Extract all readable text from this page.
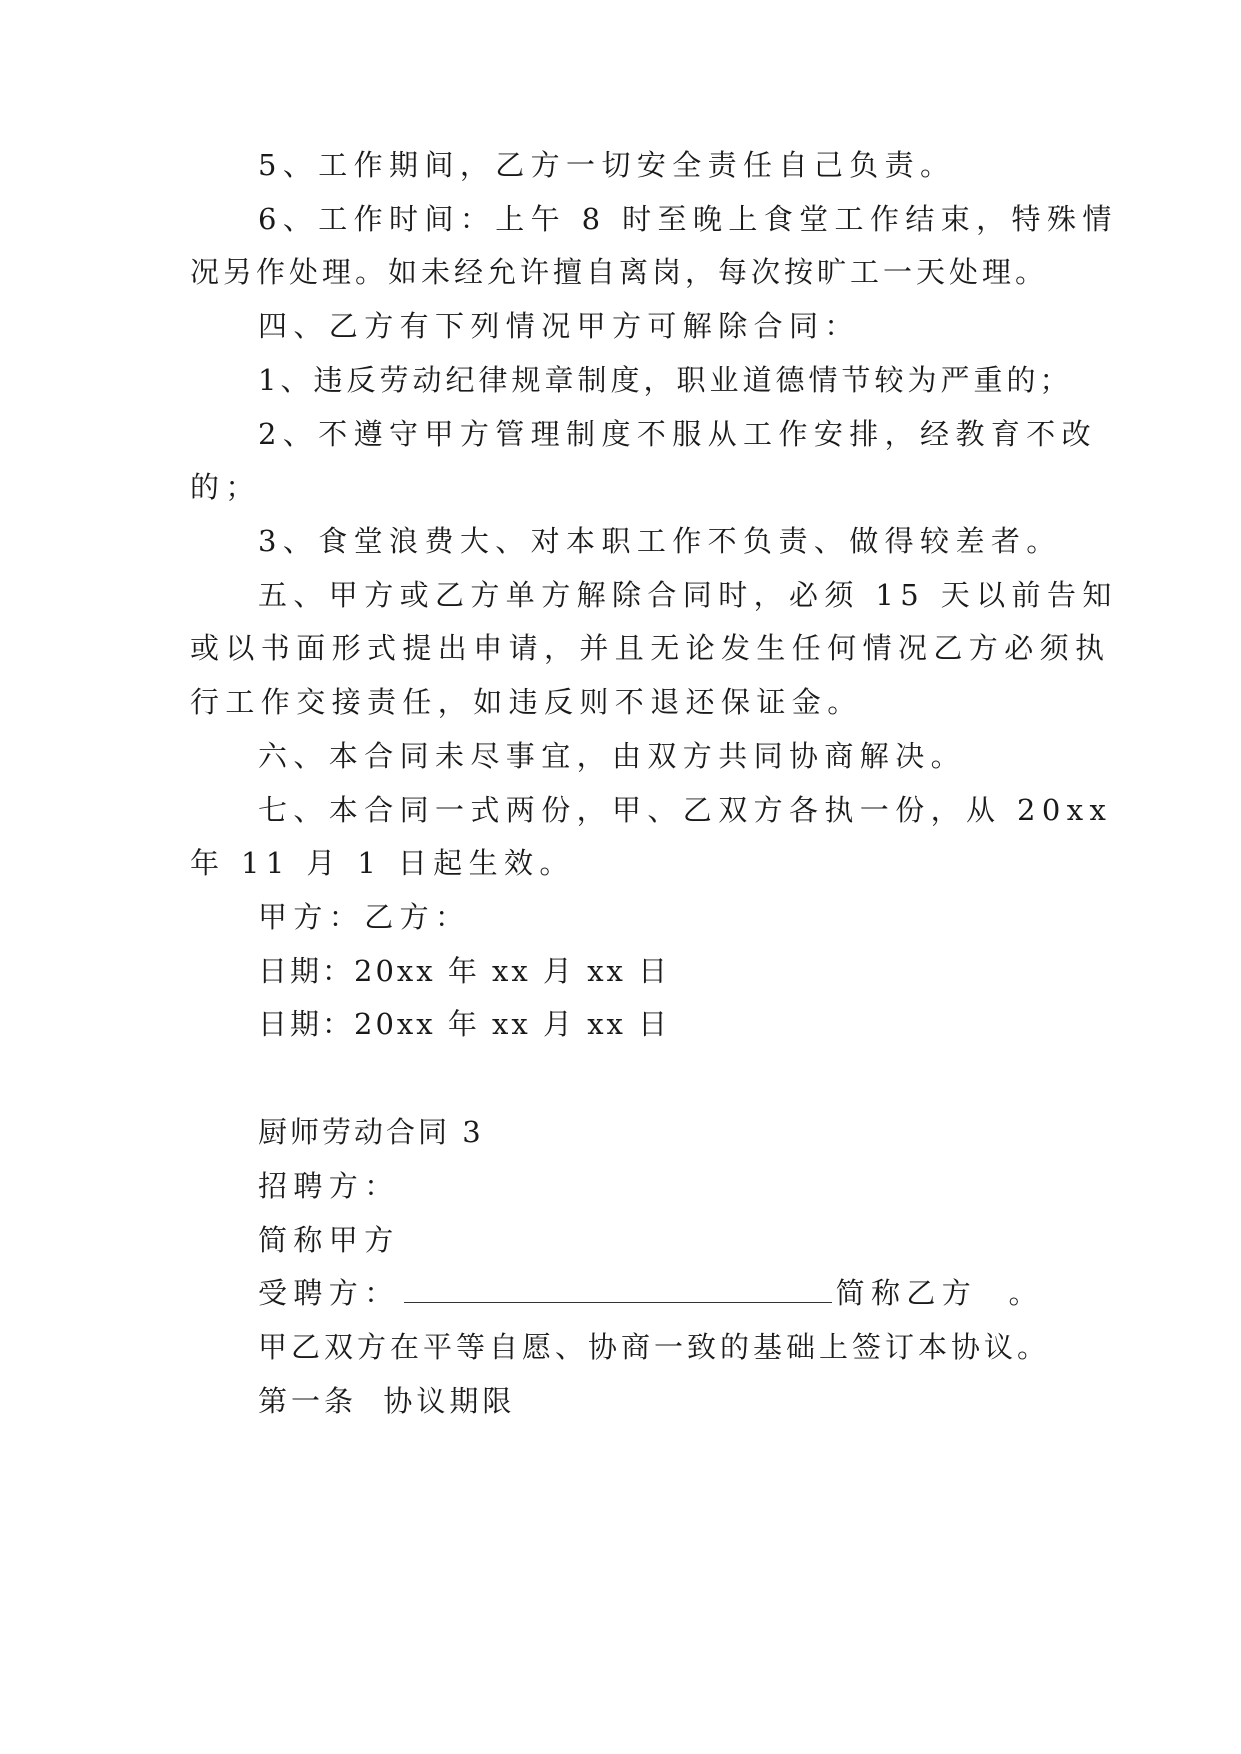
5、工作期间，乙方一切安全责任自己负责。
6、工作时间：上午 8 时至晚上食堂工作结束，特殊情
况另作处理。如未经允许擅自离岗，每次按旷工一天处理。
四、乙方有下列情况甲方可解除合同：
1、违反劳动纪律规章制度，职业道德情节较为严重的；
2、不遵守甲方管理制度不服从工作安排，经教育不改
的；
3、食堂浪费大、对本职工作不负责、做得较差者。
五、甲方或乙方单方解除合同时，必须 15 天以前告知
或以书面形式提出申请，并且无论发生任何情况乙方必须执
行工作交接责任，如违反则不退还保证金。
六、本合同未尽事宜，由双方共同协商解决。
七、本合同一式两份，甲、乙双方各执一份，从 20xx
年 11 月 1 日起生效。
甲方：乙方：
日期：20xx 年 xx 月 xx 日
日期：20xx 年 xx 月 xx 日
厨师劳动合同 3
招聘方：
简称甲方
受聘方：	简称乙方 。
甲乙双方在平等自愿、协商一致的基础上签订本协议。
第一条  协议期限
